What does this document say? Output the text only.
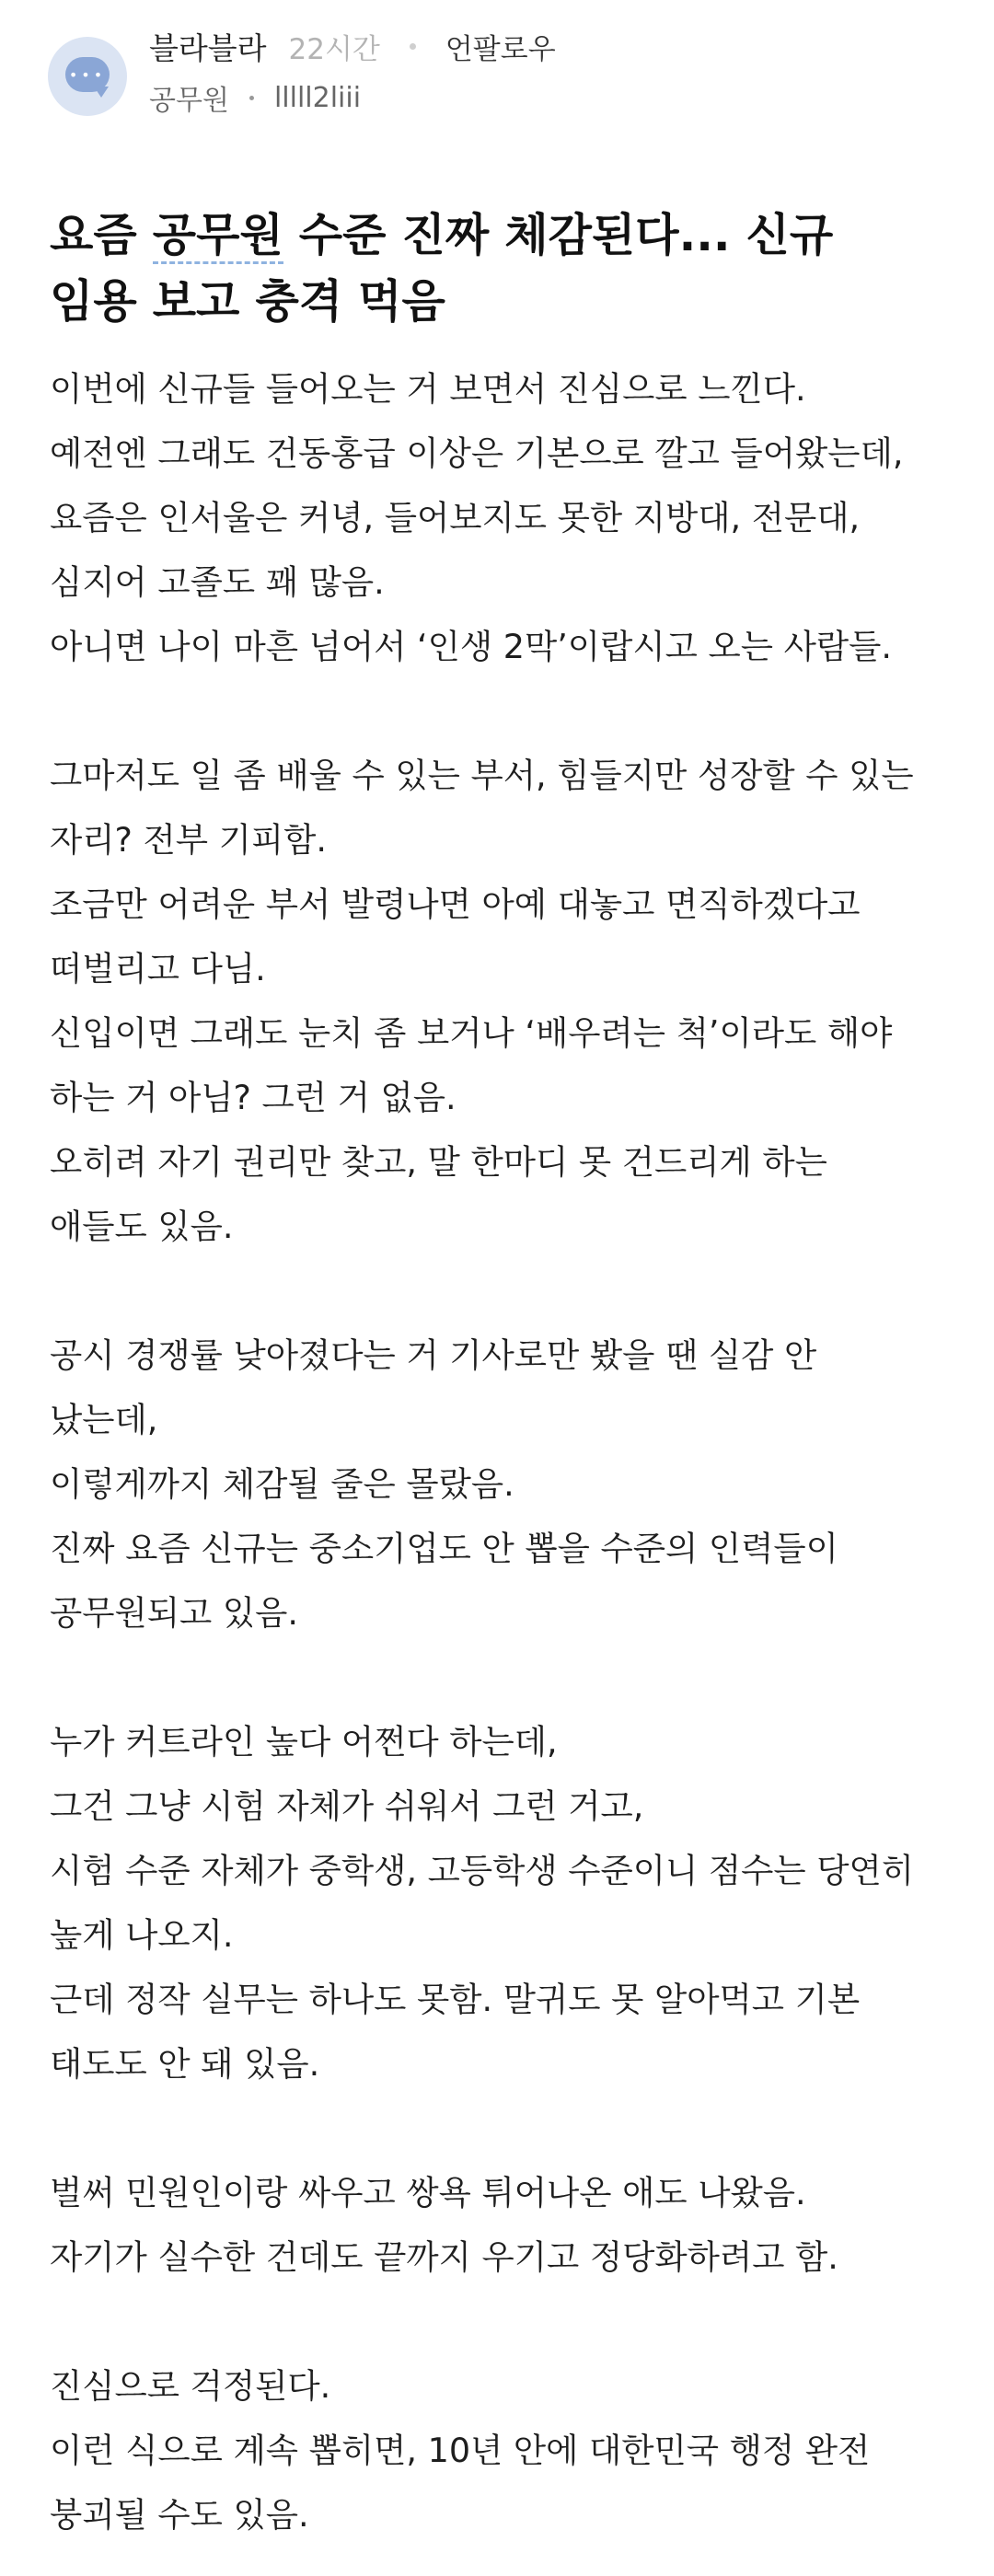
•••
블라블라 22시간 언팔로우
공무원 lllll2liii
요즘 공무원 수준 진짜 체감된다... 신규
임용 보고 충격 먹음
이번에 신규들 들어오는 거 보면서 진심으로 느낀다.
예전엔 그래도 건동홍급 이상은 기본으로 깔고 들어왔는데,
요즘은 인서울은 커녕, 들어보지도 못한 지방대, 전문대,
심지어 고졸도 꽤 많음.
아니면 나이 마흔 넘어서 ‘인생 2막’이랍시고 오는 사람들.
그마저도 일 좀 배울 수 있는 부서, 힘들지만 성장할 수 있는
자리? 전부 기피함.
조금만 어려운 부서 발령나면 아예 대놓고 면직하겠다고
떠벌리고 다님.
신입이면 그래도 눈치 좀 보거나 ‘배우려는 척’이라도 해야
하는 거 아님? 그런 거 없음.
오히려 자기 권리만 찾고, 말 한마디 못 건드리게 하는
애들도 있음.
공시 경쟁률 낮아졌다는 거 기사로만 봤을 땐 실감 안
났는데,
이렇게까지 체감될 줄은 몰랐음.
진짜 요즘 신규는 중소기업도 안 뽑을 수준의 인력들이
공무원되고 있음.
누가 커트라인 높다 어쩐다 하는데,
그건 그냥 시험 자체가 쉬워서 그런 거고,
시험 수준 자체가 중학생, 고등학생 수준이니 점수는 당연히
높게 나오지.
근데 정작 실무는 하나도 못함. 말귀도 못 알아먹고 기본
태도도 안 돼 있음.
벌써 민원인이랑 싸우고 쌍욕 튀어나온 애도 나왔음.
자기가 실수한 건데도 끝까지 우기고 정당화하려고 함.
진심으로 걱정된다.
이런 식으로 계속 뽑히면, 10년 안에 대한민국 행정 완전
붕괴될 수도 있음.
